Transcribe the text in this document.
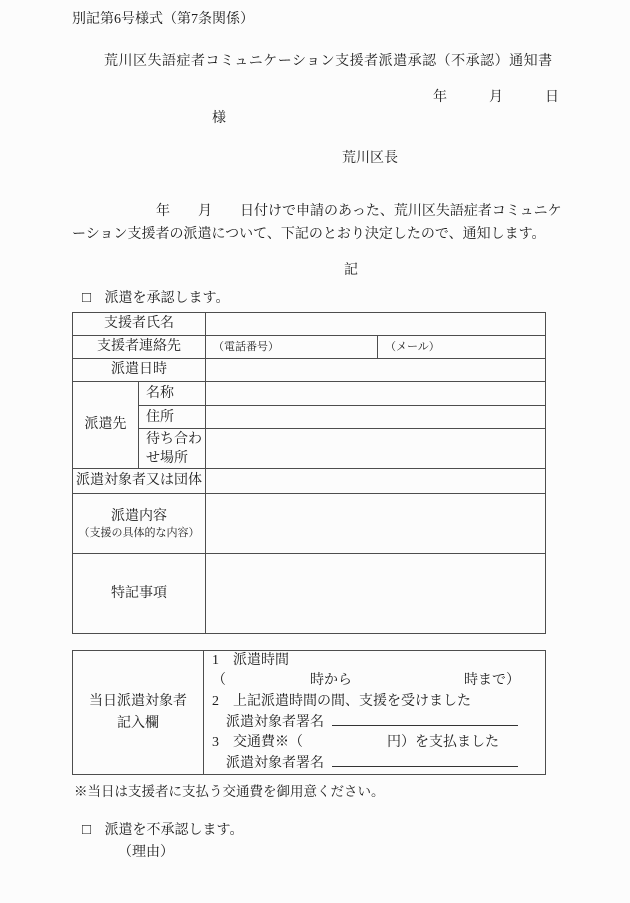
別記第6号様式（第7条関係）
荒川区失語症者コミュニケーション支援者派遣承認（不承認）通知書
年　　　月　　　日
様
荒川区長
　　　　　　年　　月　　日付けで申請のあった、荒川区失語症者コミュニケ
ーション支援者の派遣について、下記のとおり決定したので、通知します。
記
□ 派遣を承認します。
支援者氏名			
支援者連絡先		（電話番号）	（メール）
派遣日時			
派遣先	名称		
	住所		
	待ち合わせ場所		
派遣対象者又は団体			

派遣内容
（支援の具体的な内容）			

特記事項			
当日派遣対象者
記入欄

1　派遣時間
（　　　　　　時から　　　　　　　　時まで）
2　上記派遣時間の間、支援を受けました
　派遣対象者署名
3　交通費※（　　　　　　円）を支払ました
　派遣対象者署名
※当日は支援者に支払う交通費を御用意ください。
□ 派遣を不承認します。
（理由）
